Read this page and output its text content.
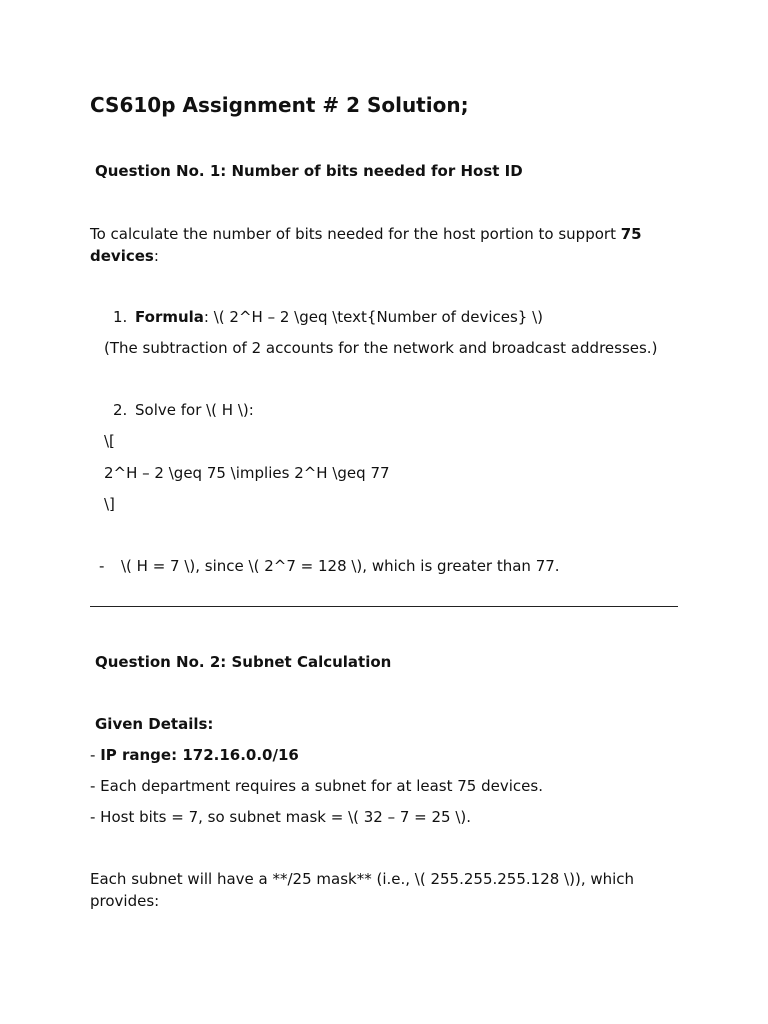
CS610p Assignment # 2 Solution;
Question No. 1: Number of bits needed for Host ID
To calculate the number of bits needed for the host portion to support 75 devices:
1. Formula: \( 2^H – 2 \geq \text{Number of devices} \)
(The subtraction of 2 accounts for the network and broadcast addresses.)
2. Solve for \( H \):
\[
2^H – 2 \geq 75 \implies 2^H \geq 77
\]
- \( H = 7 \), since \( 2^7 = 128 \), which is greater than 77.
Question No. 2: Subnet Calculation
Given Details:
- IP range: 172.16.0.0/16
- Each department requires a subnet for at least 75 devices.
- Host bits = 7, so subnet mask = \( 32 – 7 = 25 \).
Each subnet will have a **/25 mask** (i.e., \( 255.255.255.128 \)), which provides:
